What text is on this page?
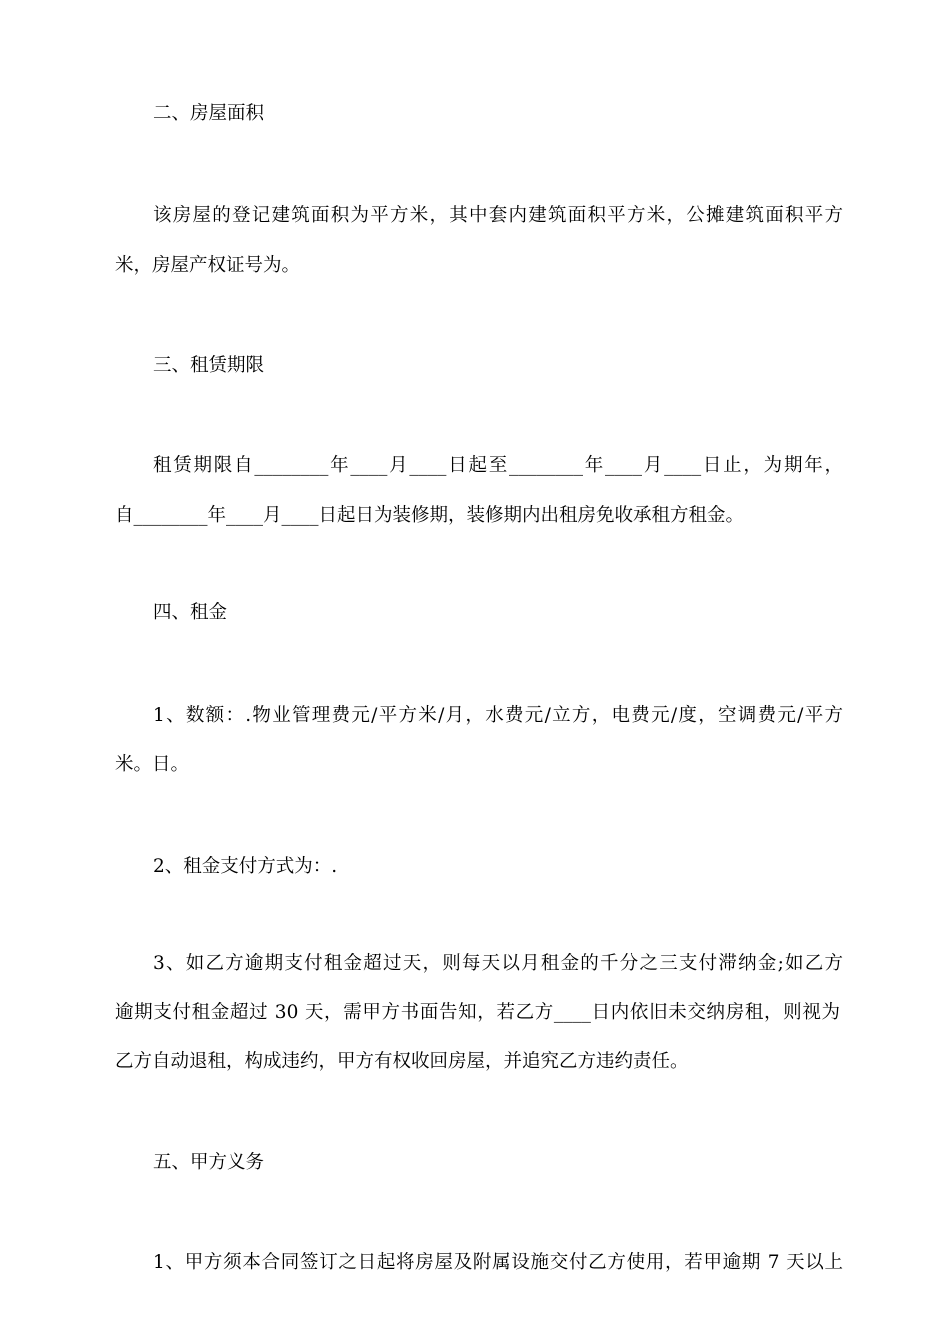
二、房屋面积
该房屋的登记建筑面积为平方米，其中套内建筑面积平方米，公摊建筑面积平方
米，房屋产权证号为。
三、租赁期限
租赁期限自________年____月____日起至________年____月____日止，为期年，
自________年____月____日起日为装修期，装修期内出租房免收承租方租金。
四、租金
1、数额：.物业管理费元/平方米/月，水费元/立方，电费元/度，空调费元/平方
米。日。
2、租金支付方式为：.
3、如乙方逾期支付租金超过天，则每天以月租金的千分之三支付滞纳金;如乙方
逾期支付租金超过 30 天，需甲方书面告知，若乙方____日内依旧未交纳房租，则视为
乙方自动退租，构成违约，甲方有权收回房屋，并追究乙方违约责任。
五、甲方义务
1、甲方须本合同签订之日起将房屋及附属设施交付乙方使用，若甲逾期 7 天以上
